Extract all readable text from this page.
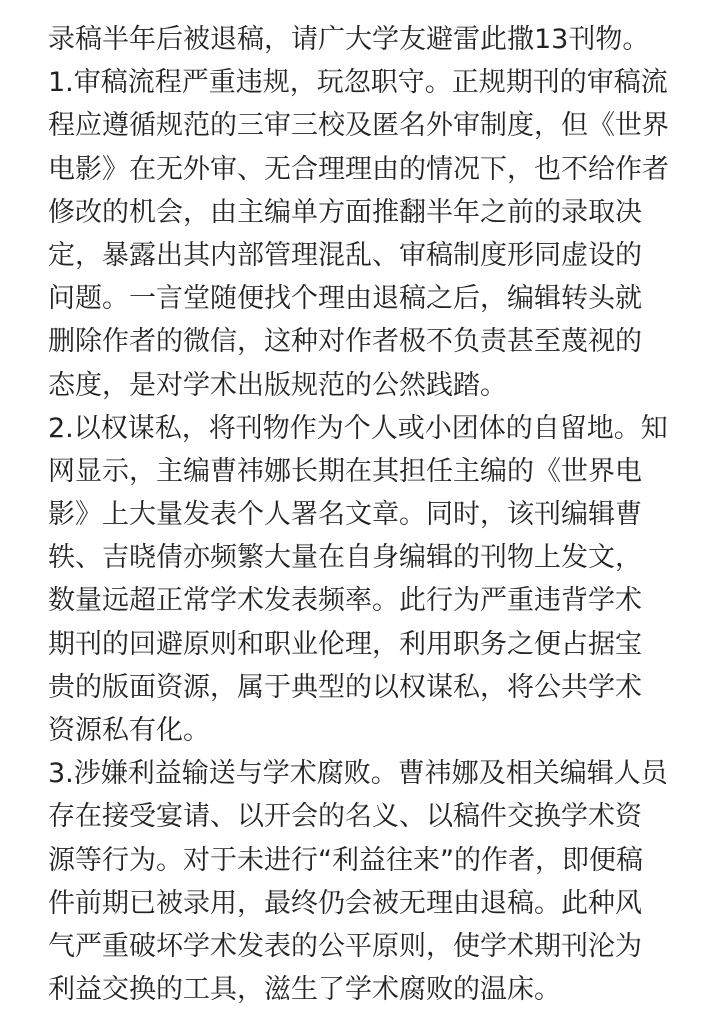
录稿半年后被退稿，请广大学友避雷此撒13刊物。
1.审稿流程严重违规，玩忽职守。正规期刊的审稿流
程应遵循规范的三审三校及匿名外审制度，但《世界
电影》在无外审、无合理理由的情况下，也不给作者
修改的机会，由主编单方面推翻半年之前的录取决
定，暴露出其内部管理混乱、审稿制度形同虚设的
问题。一言堂随便找个理由退稿之后，编辑转头就
删除作者的微信，这种对作者极不负责甚至蔑视的
态度，是对学术出版规范的公然践踏。
2.以权谋私，将刊物作为个人或小团体的自留地。知
网显示，主编曹祎娜长期在其担任主编的《世界电
影》上大量发表个人署名文章。同时，该刊编辑曹
轶、吉晓倩亦频繁大量在自身编辑的刊物上发文，
数量远超正常学术发表频率。此行为严重违背学术
期刊的回避原则和职业伦理，利用职务之便占据宝
贵的版面资源，属于典型的以权谋私，将公共学术
资源私有化。
3.涉嫌利益输送与学术腐败。曹祎娜及相关编辑人员
存在接受宴请、以开会的名义、以稿件交换学术资
源等行为。对于未进行“利益往来”的作者，即便稿
件前期已被录用，最终仍会被无理由退稿。此种风
气严重破坏学术发表的公平原则，使学术期刊沦为
利益交换的工具，滋生了学术腐败的温床。
